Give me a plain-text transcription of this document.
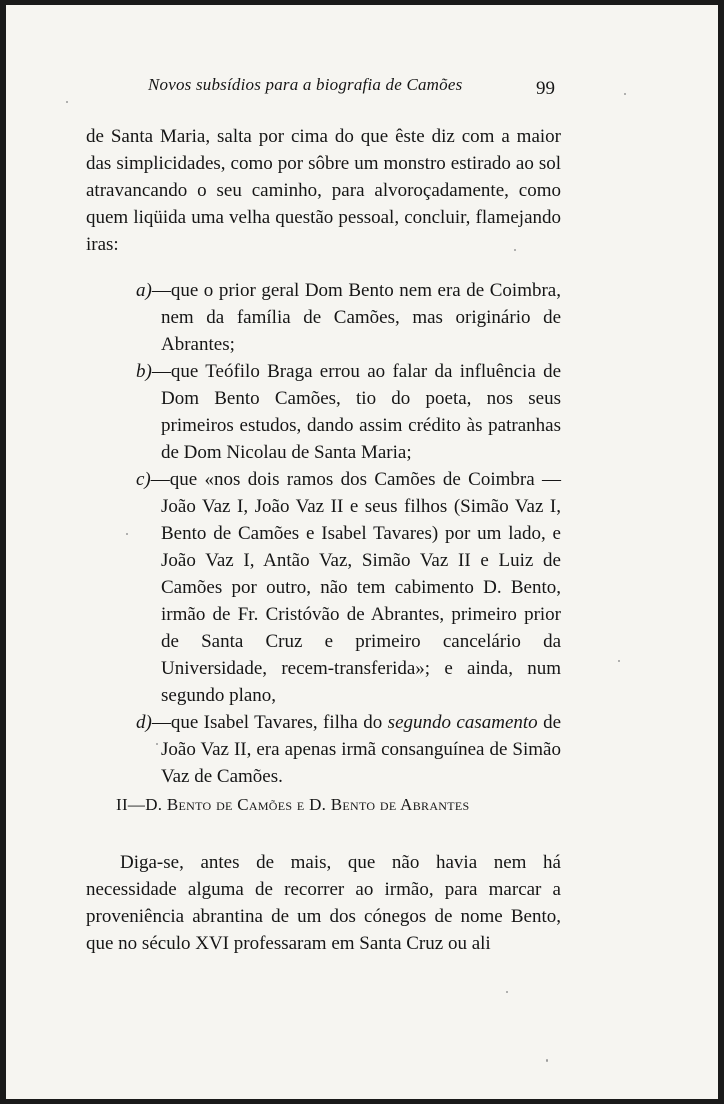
Novos subsídios para a biografia de Camões	99

de Santa Maria, salta por cima do que êste diz com a maior das simplicidades, como por sôbre um monstro estirado ao sol atravancando o seu caminho, para alvoroçadamente, como quem liqüida uma velha questão pessoal, concluir, flamejando iras:

a)—que o prior geral Dom Bento nem era de Coimbra, nem da família de Camões, mas originário de Abrantes;

b)—que Teófilo Braga errou ao falar da influência de Dom Bento Camões, tio do poeta, nos seus primeiros estudos, dando assim crédito às patranhas de Dom Nicolau de Santa Maria;

c)—que «nos dois ramos dos Camões de Coimbra —João Vaz I, João Vaz II e seus filhos (Simão Vaz I, Bento de Camões e Isabel Tavares) por um lado, e João Vaz I, Antão Vaz, Simão Vaz II e Luiz de Camões por outro, não tem cabimento D. Bento, irmão de Fr. Cristóvão de Abrantes, primeiro prior de Santa Cruz e primeiro cancelário da Universidade, recem-transferida»; e ainda, num segundo plano,

d)—que Isabel Tavares, filha do segundo casamento de João Vaz II, era apenas irmã consanguínea de Simão Vaz de Camões.

II—D. Bento de Camões e D. Bento de Abrantes

Diga-se, antes de mais, que não havia nem há necessidade alguma de recorrer ao irmão, para marcar a proveniência abrantina de um dos cónegos de nome Bento, que no século XVI professaram em Santa Cruz ou ali
